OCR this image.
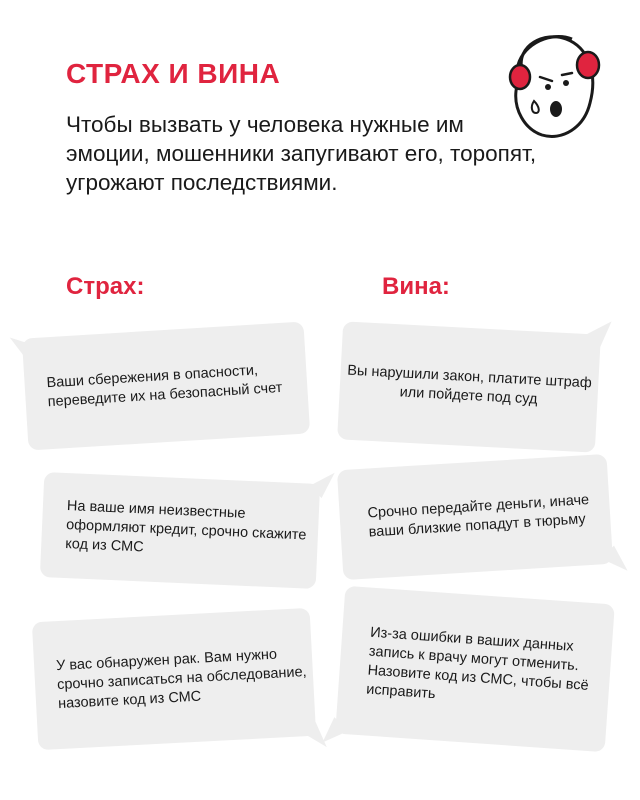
СТРАХ И ВИНА

Чтобы вызвать у человека нужные им эмоции, мошенники запугивают его, торопят, угрожают последствиями.

Страх:	Вина:
Ваши сбережения в опасности, переведите их на безопасный счет
На ваше имя неизвестные оформляют кредит, срочно скажите код из СМС
У вас обнаружен рак. Вам нужно срочно записаться на обследование, назовите код из СМС
Вы нарушили закон, платите штраф или пойдете под суд
Срочно передайте деньги, иначе ваши близкие попадут в тюрьму
Из-за ошибки в ваших данных запись к врачу могут отменить. Назовите код из СМС, чтобы всё исправить
